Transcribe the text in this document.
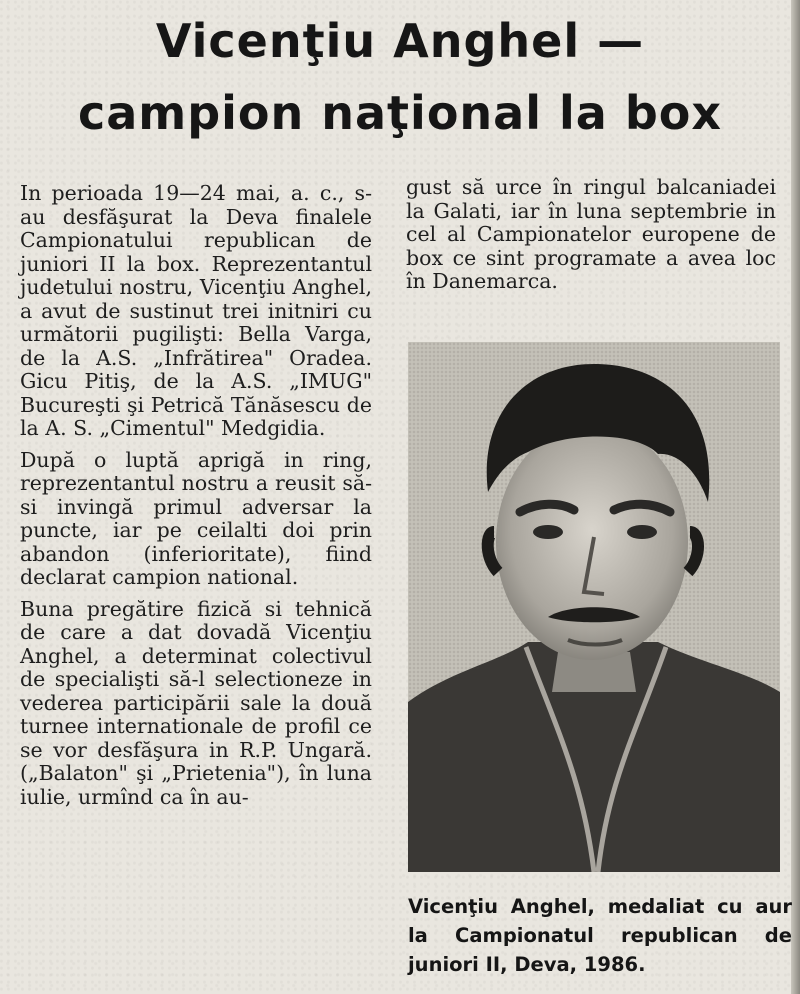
Vicenţiu Anghel —
campion naţional la box

In perioada 19—24 mai, a. c., s-au desfăşurat la Deva finalele Campionatului republican de juniori II la box. Reprezentantul judetului nostru, Vicenţiu Anghel, a avut de sustinut trei initniri cu următorii pugilişti: Bella Varga, de la A.S. „Infrătirea" Oradea. Gicu Pitiş, de la A.S. „IMUG" Bucureşti şi Petrică Tănăsescu de la A. S. „Cimentul" Medgidia.

După o luptă aprigă in ring, reprezentantul nostru a reusit să-si invingă primul adversar la puncte, iar pe ceilalti doi prin abandon (inferioritate), fiind declarat campion national.

Buna pregătire fizică si tehnică de care a dat dovadă Vicenţiu Anghel, a determinat colectivul de specialişti să-l selectioneze in vederea participării sale la două turnee internationale de profil ce se vor desfăşura in R.P. Ungară. („Balaton" şi „Prietenia"), în luna iulie, urmînd ca în au-

gust să urce în ringul balcaniadei la Galati, iar în luna septembrie in cel al Campionatelor europene de box ce sint programate a avea loc în Danemarca.

Vicenţiu Anghel, medaliat cu aur la Campionatul republican de juniori II, Deva, 1986.
